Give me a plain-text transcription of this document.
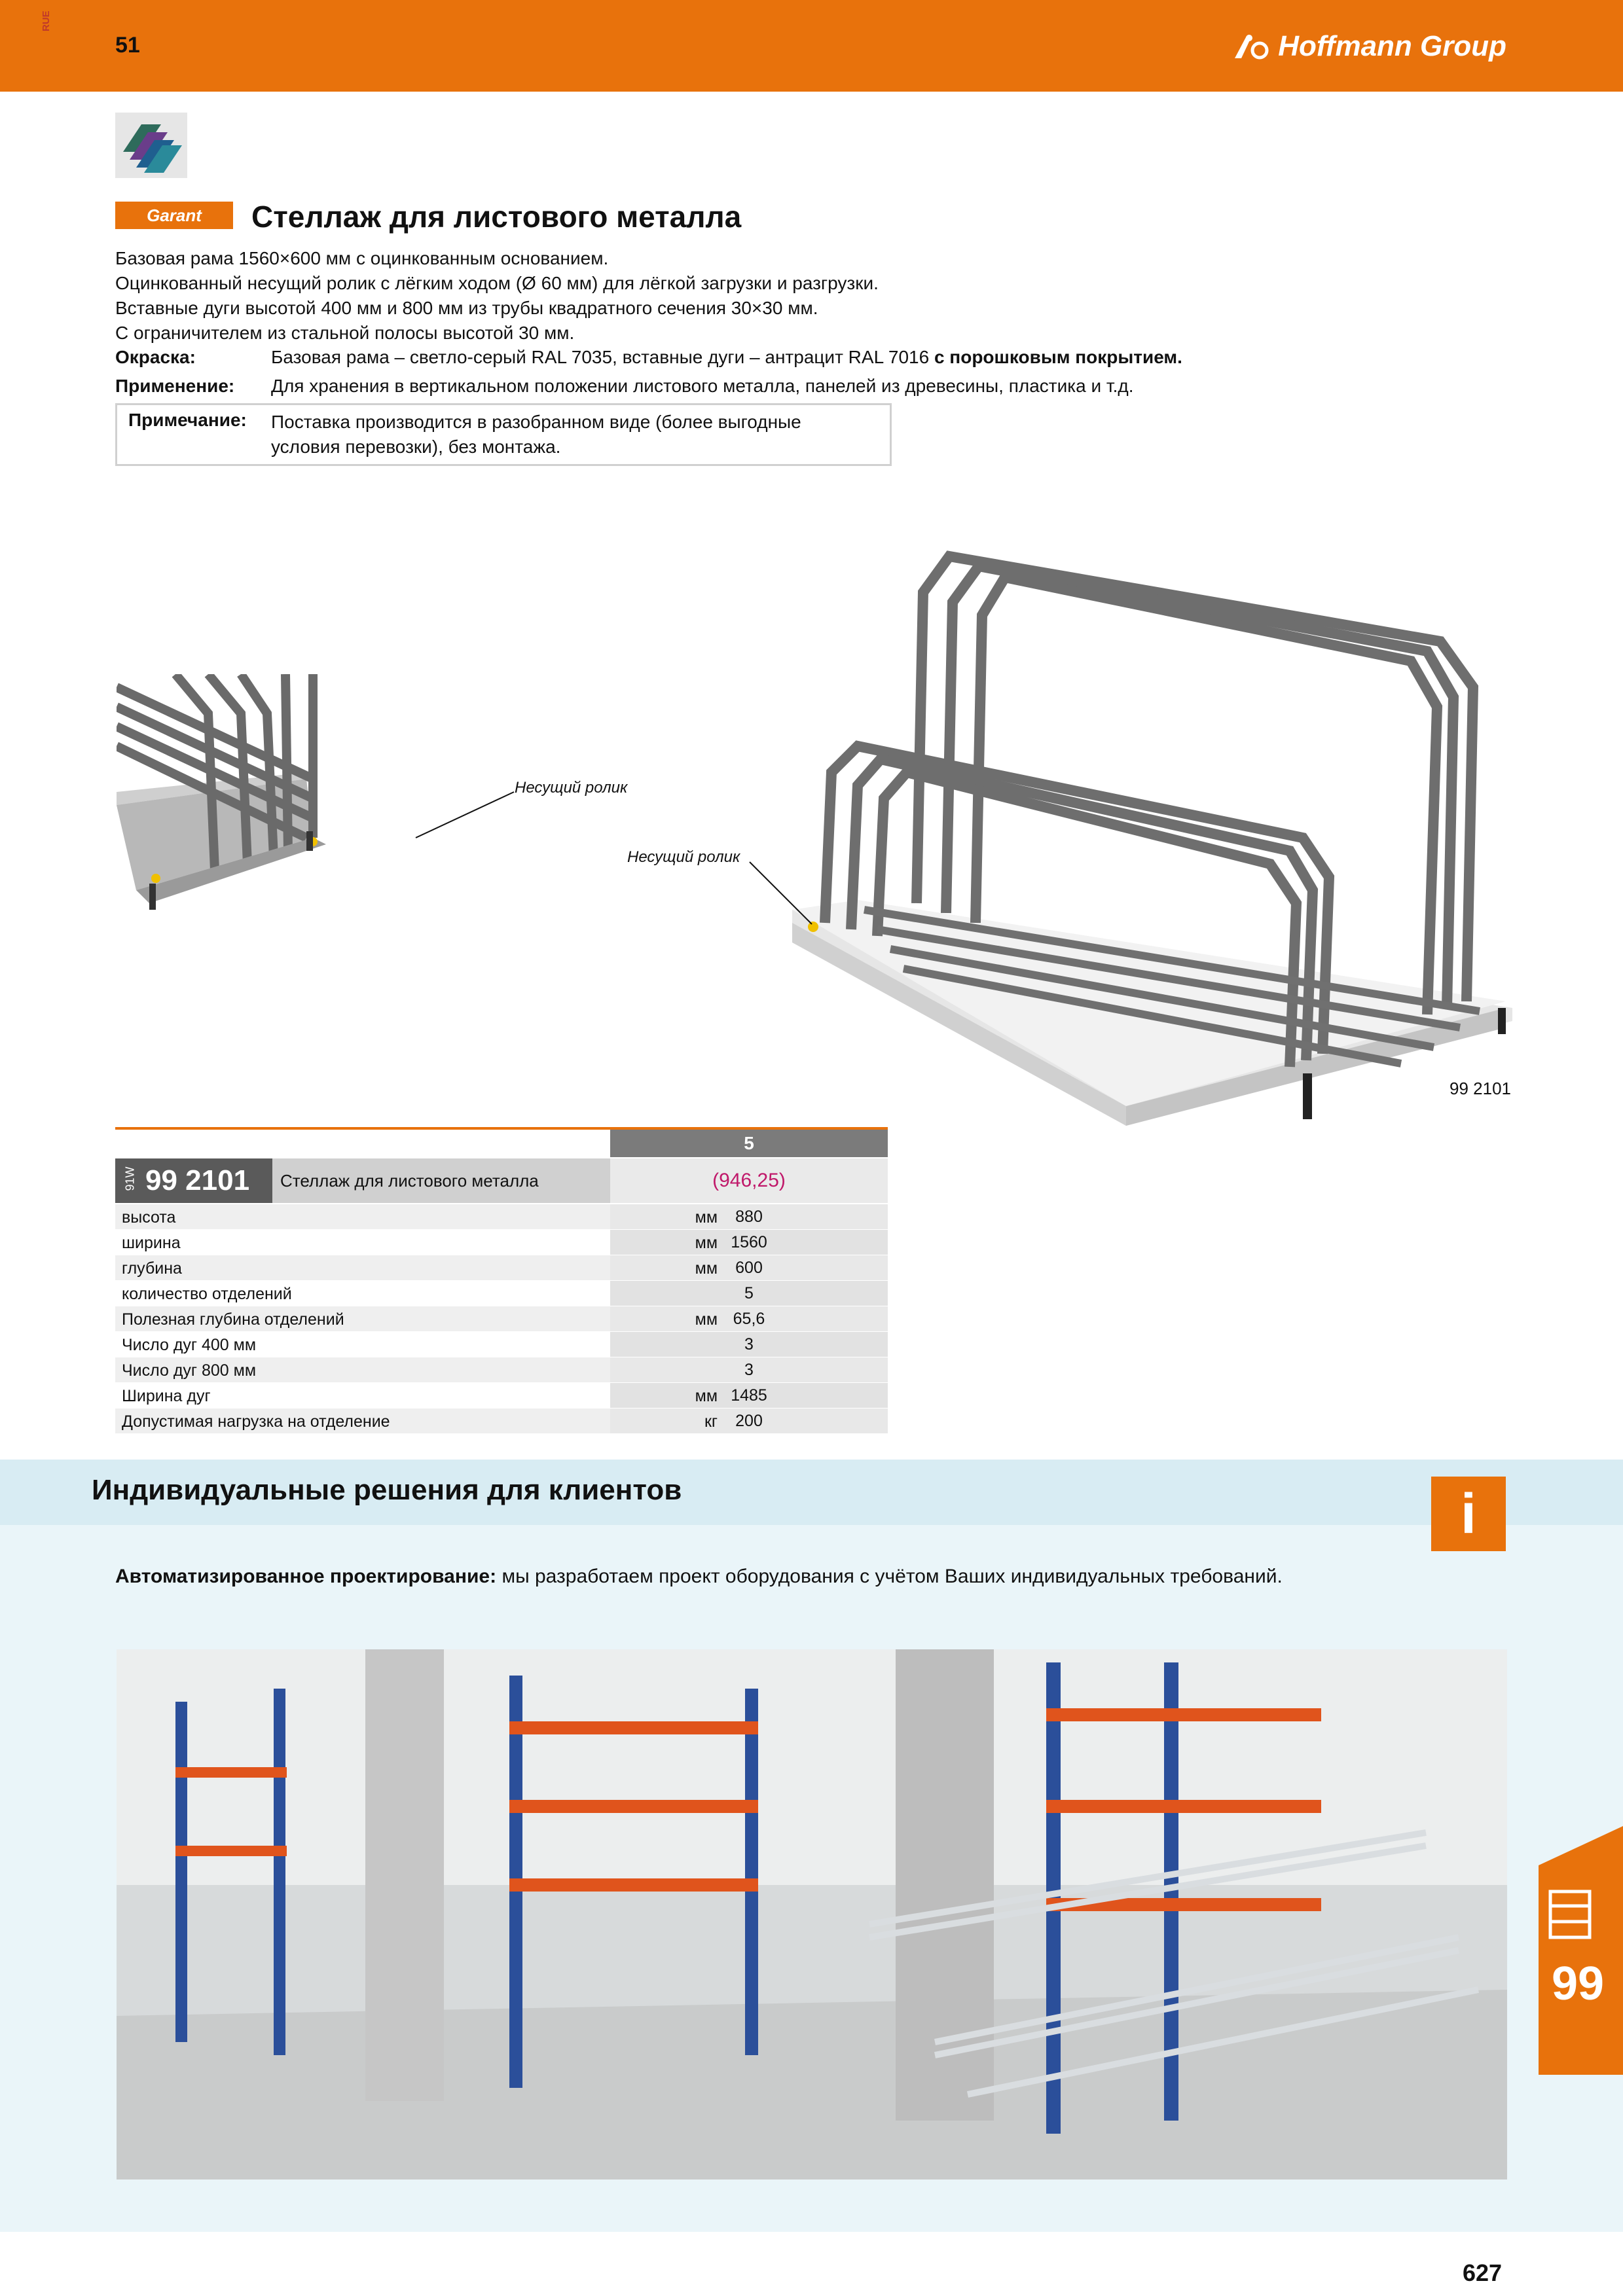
RUE
51	Hoffmann Group
Garant	Стеллаж для листового металла
Базовая рама 1560×600 мм с оцинкованным основанием.
Оцинкованный несущий ролик с лёгким ходом (Ø 60 мм) для лёгкой загрузки и разгрузки.
Вставные дуги высотой 400 мм и 800 мм из трубы квадратного сечения 30×30 мм.
С ограничителем из стальной полосы высотой 30 мм.
Окраска:	Базовая рама – светло-серый RAL 7035, вставные дуги – антрацит RAL 7016 с порошковым покрытием.
Применение: Для хранения в вертикальном положении листового металла, панелей из древесины, пластика и т.д.
Примечание: Поставка производится в разобранном виде (более выгодные условия перевозки), без монтажа.
Несущий ролик
Несущий ролик
99 2101
5
91W 99 2101	Стеллаж для листового металла	(946,25)
высота	мм	880
ширина	мм 1560
глубина	мм	600
количество отделений	5
Полезная глубина отделений	мм 65,6
Число дуг 400 мм	3
Число дуг 800 мм	3
Ширина дуг	мм 1485
Допустимая нагрузка на отделение	кг	200
Индивидуальные решения для клиентов	i
Автоматизированное проектирование: мы разработаем проект оборудования с учётом Ваших индивидуальных требований.
99
627
